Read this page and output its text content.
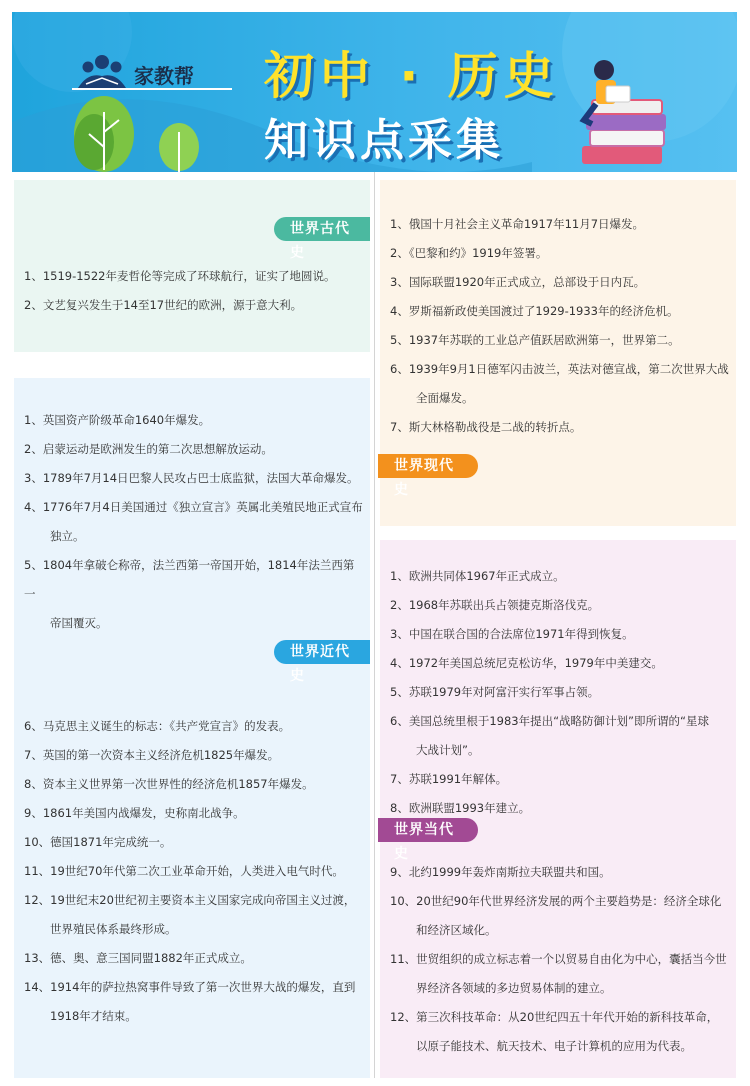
家教帮 初中 · 历史
知识点采集
世界古代史
1、1519-1522年麦哲伦等完成了环球航行，证实了地圆说。
2、文艺复兴发生于14至17世纪的欧洲，源于意大利。
1、英国资产阶级革命1640年爆发。
2、启蒙运动是欧洲发生的第二次思想解放运动。
3、1789年7月14日巴黎人民攻占巴士底监狱，法国大革命爆发。
4、1776年7月4日美国通过《独立宣言》英属北美殖民地正式宣布
独立。
5、1804年拿破仑称帝，法兰西第一帝国开始，1814年法兰西第一
帝国覆灭。
世界近代史
6、马克思主义诞生的标志：《共产党宣言》的发表。
7、英国的第一次资本主义经济危机1825年爆发。
8、资本主义世界第一次世界性的经济危机1857年爆发。
9、1861年美国内战爆发，史称南北战争。
10、德国1871年完成统一。
11、19世纪70年代第二次工业革命开始，人类进入电气时代。
12、19世纪末20世纪初主要资本主义国家完成向帝国主义过渡，
世界殖民体系最终形成。
13、德、奥、意三国同盟1882年正式成立。
14、1914年的萨拉热窝事件导致了第一次世界大战的爆发，直到
1918年才结束。
1、俄国十月社会主义革命1917年11月7日爆发。
2、《巴黎和约》1919年签署。
3、国际联盟1920年正式成立，总部设于日内瓦。
4、罗斯福新政使美国渡过了1929-1933年的经济危机。
5、1937年苏联的工业总产值跃居欧洲第一，世界第二。
6、1939年9月1日德军闪击波兰，英法对德宣战，第二次世界大战
全面爆发。
7、斯大林格勒战役是二战的转折点。
世界现代史
1、欧洲共同体1967年正式成立。
2、1968年苏联出兵占领捷克斯洛伐克。
3、中国在联合国的合法席位1971年得到恢复。
4、1972年美国总统尼克松访华，1979年中美建交。
5、苏联1979年对阿富汗实行军事占领。
6、美国总统里根于1983年提出“战略防御计划”即所谓的“星球
大战计划”。
7、苏联1991年解体。
8、欧洲联盟1993年建立。
世界当代史
9、北约1999年轰炸南斯拉夫联盟共和国。
10、20世纪90年代世界经济发展的两个主要趋势是：经济全球化
和经济区域化。
11、世贸组织的成立标志着一个以贸易自由化为中心，囊括当今世
界经济各领域的多边贸易体制的建立。
12、第三次科技革命：从20世纪四五十年代开始的新科技革命，
以原子能技术、航天技术、电子计算机的应用为代表。
